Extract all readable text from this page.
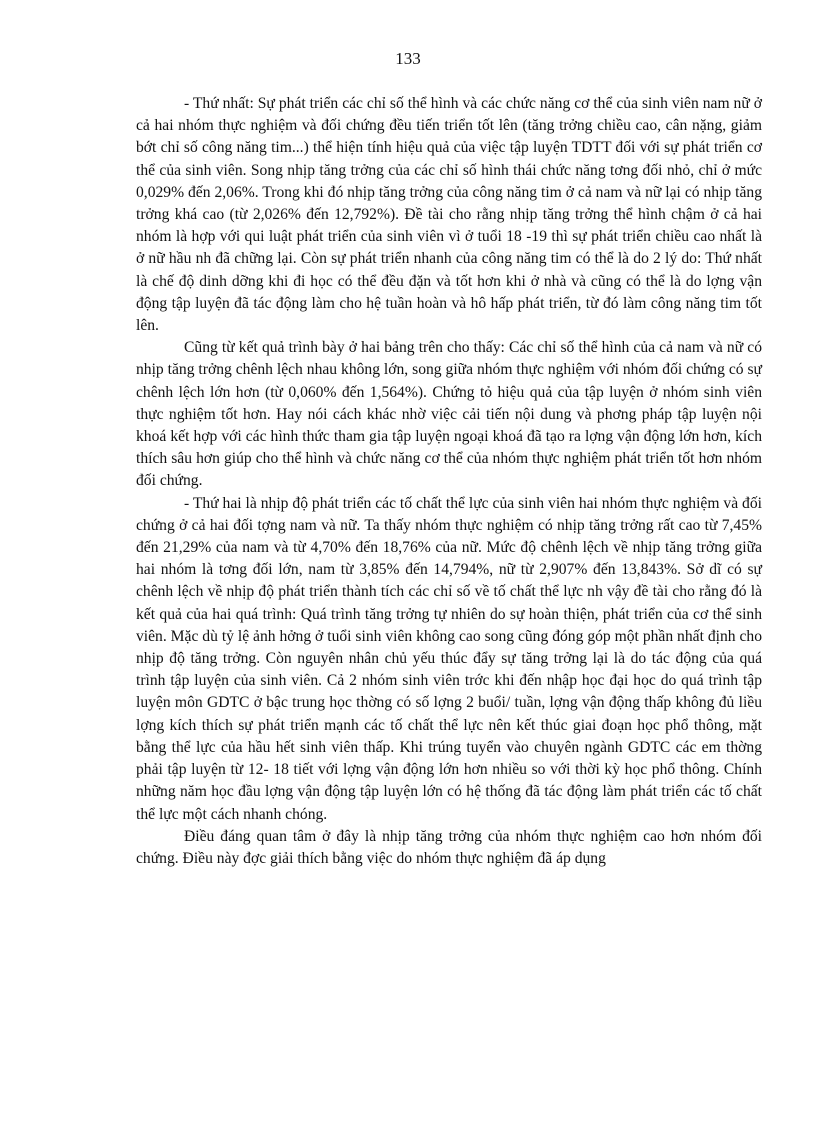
133

- Thứ nhất: Sự phát triển các chỉ số thể hình và các chức năng cơ thể của sinh viên nam nữ ở cả hai nhóm thực nghiệm và đối chứng đều tiến triển tốt lên (tăng trởng chiều cao, cân nặng, giảm bớt chỉ số công năng tim...) thể hiện tính hiệu quả của việc tập luyện TDTT đối với sự phát triển cơ thể của sinh viên. Song nhịp tăng trởng của các chỉ số hình thái chức năng tơng đối nhỏ, chỉ ở mức 0,029% đến 2,06%. Trong khi đó nhịp tăng trởng của công năng tim ở cả nam và nữ lại có nhịp tăng trởng khá cao (từ 2,026% đến 12,792%). Đề tài cho rằng nhịp tăng trởng thể hình chậm ở cả hai nhóm là hợp với qui luật phát triển của sinh viên vì ở tuổi 18 -19 thì sự phát triển chiều cao nhất là ở nữ hầu nh đã chững lại. Còn sự phát triển nhanh của công năng tim có thể là do 2 lý do: Thứ nhất là chế độ dinh dỡng khi đi học có thể đều đặn và tốt hơn khi ở nhà và cũng có thể là do lợng vận động tập luyện đã tác động làm cho hệ tuần hoàn và hô hấp phát triển, từ đó làm công năng tim tốt lên.

Cũng từ kết quả trình bày ở hai bảng trên cho thấy: Các chỉ số thể hình của cả nam và nữ có nhịp tăng trởng chênh lệch nhau không lớn, song giữa nhóm thực nghiệm với nhóm đối chứng có sự chênh lệch lớn hơn (từ 0,060% đến 1,564%). Chứng tỏ hiệu quả của tập luyện ở nhóm sinh viên thực nghiệm tốt hơn. Hay nói cách khác nhờ việc cải tiến nội dung và phơng pháp tập luyện nội khoá kết hợp với các hình thức tham gia tập luyện ngoại khoá đã tạo ra lợng vận động lớn hơn, kích thích sâu hơn giúp cho thể hình và chức năng cơ thể của nhóm thực nghiệm phát triển tốt hơn nhóm đối chứng.

- Thứ hai là nhịp độ phát triển các tố chất thể lực của sinh viên hai nhóm thực nghiệm và đối chứng ở cả hai đối tợng nam và nữ. Ta thấy nhóm thực nghiệm có nhịp tăng trởng rất cao từ 7,45% đến 21,29% của nam và từ 4,70% đến 18,76% của nữ. Mức độ chênh lệch về nhịp tăng trởng giữa hai nhóm là tơng đối lớn, nam từ 3,85% đến 14,794%, nữ từ 2,907% đến 13,843%. Sở dĩ có sự chênh lệch về nhịp độ phát triển thành tích các chỉ số về tố chất thể lực nh vậy đề tài cho rằng đó là kết quả của hai quá trình: Quá trình tăng trởng tự nhiên do sự hoàn thiện, phát triển của cơ thể sinh viên. Mặc dù tỷ lệ ảnh hởng ở tuổi sinh viên không cao song cũng đóng góp một phần nhất định cho nhịp độ tăng trởng. Còn nguyên nhân chủ yếu thúc đẩy sự tăng trởng lại là do tác động của quá trình tập luyện của sinh viên. Cả 2 nhóm sinh viên trớc khi đến nhập học đại học do quá trình tập luyện môn GDTC ở bậc trung học thờng có số lợng 2 buổi/ tuần, lợng vận động thấp không đủ liều lợng kích thích sự phát triển mạnh các tố chất thể lực nên kết thúc giai đoạn học phổ thông, mặt bằng thể lực của hầu hết sinh viên thấp. Khi trúng tuyển vào chuyên ngành GDTC các em thờng phải tập luyện từ 12- 18 tiết với lợng vận động lớn hơn nhiều so với thời kỳ học phổ thông. Chính những năm học đầu lợng vận động tập luyện lớn có hệ thống đã tác động làm phát triển các tố chất thể lực một cách nhanh chóng.

Điều đáng quan tâm ở đây là nhịp tăng trởng của nhóm thực nghiệm cao hơn nhóm đối chứng. Điều này đợc giải thích bằng việc do nhóm thực nghiệm đã áp dụng
